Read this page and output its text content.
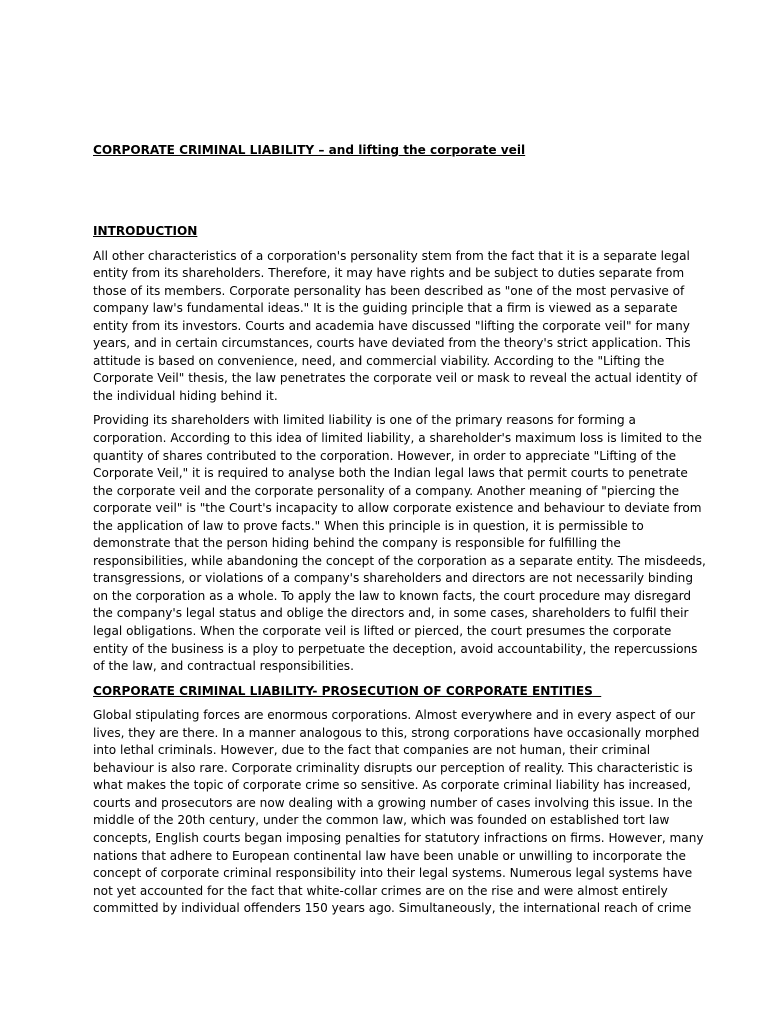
CORPORATE CRIMINAL LIABILITY – and lifting the corporate veil
INTRODUCTION

All other characteristics of a corporation's personality stem from the fact that it is a separate legal
entity from its shareholders. Therefore, it may have rights and be subject to duties separate from
those of its members. Corporate personality has been described as "one of the most pervasive of
company law's fundamental ideas." It is the guiding principle that a firm is viewed as a separate
entity from its investors. Courts and academia have discussed "lifting the corporate veil" for many
years, and in certain circumstances, courts have deviated from the theory's strict application. This
attitude is based on convenience, need, and commercial viability. According to the "Lifting the
Corporate Veil" thesis, the law penetrates the corporate veil or mask to reveal the actual identity of
the individual hiding behind it.

Providing its shareholders with limited liability is one of the primary reasons for forming a
corporation. According to this idea of limited liability, a shareholder's maximum loss is limited to the
quantity of shares contributed to the corporation. However, in order to appreciate "Lifting of the
Corporate Veil," it is required to analyse both the Indian legal laws that permit courts to penetrate
the corporate veil and the corporate personality of a company. Another meaning of "piercing the
corporate veil" is "the Court's incapacity to allow corporate existence and behaviour to deviate from
the application of law to prove facts." When this principle is in question, it is permissible to
demonstrate that the person hiding behind the company is responsible for fulfilling the
responsibilities, while abandoning the concept of the corporation as a separate entity. The misdeeds,
transgressions, or violations of a company's shareholders and directors are not necessarily binding
on the corporation as a whole. To apply the law to known facts, the court procedure may disregard
the company's legal status and oblige the directors and, in some cases, shareholders to fulfil their
legal obligations. When the corporate veil is lifted or pierced, the court presumes the corporate
entity of the business is a ploy to perpetuate the deception, avoid accountability, the repercussions
of the law, and contractual responsibilities.

CORPORATE CRIMINAL LIABILITY- PROSECUTION OF CORPORATE ENTITIES

Global stipulating forces are enormous corporations. Almost everywhere and in every aspect of our
lives, they are there. In a manner analogous to this, strong corporations have occasionally morphed
into lethal criminals. However, due to the fact that companies are not human, their criminal
behaviour is also rare. Corporate criminality disrupts our perception of reality. This characteristic is
what makes the topic of corporate crime so sensitive. As corporate criminal liability has increased,
courts and prosecutors are now dealing with a growing number of cases involving this issue. In the
middle of the 20th century, under the common law, which was founded on established tort law
concepts, English courts began imposing penalties for statutory infractions on firms. However, many
nations that adhere to European continental law have been unable or unwilling to incorporate the
concept of corporate criminal responsibility into their legal systems. Numerous legal systems have
not yet accounted for the fact that white-collar crimes are on the rise and were almost entirely
committed by individual offenders 150 years ago. Simultaneously, the international reach of crime
